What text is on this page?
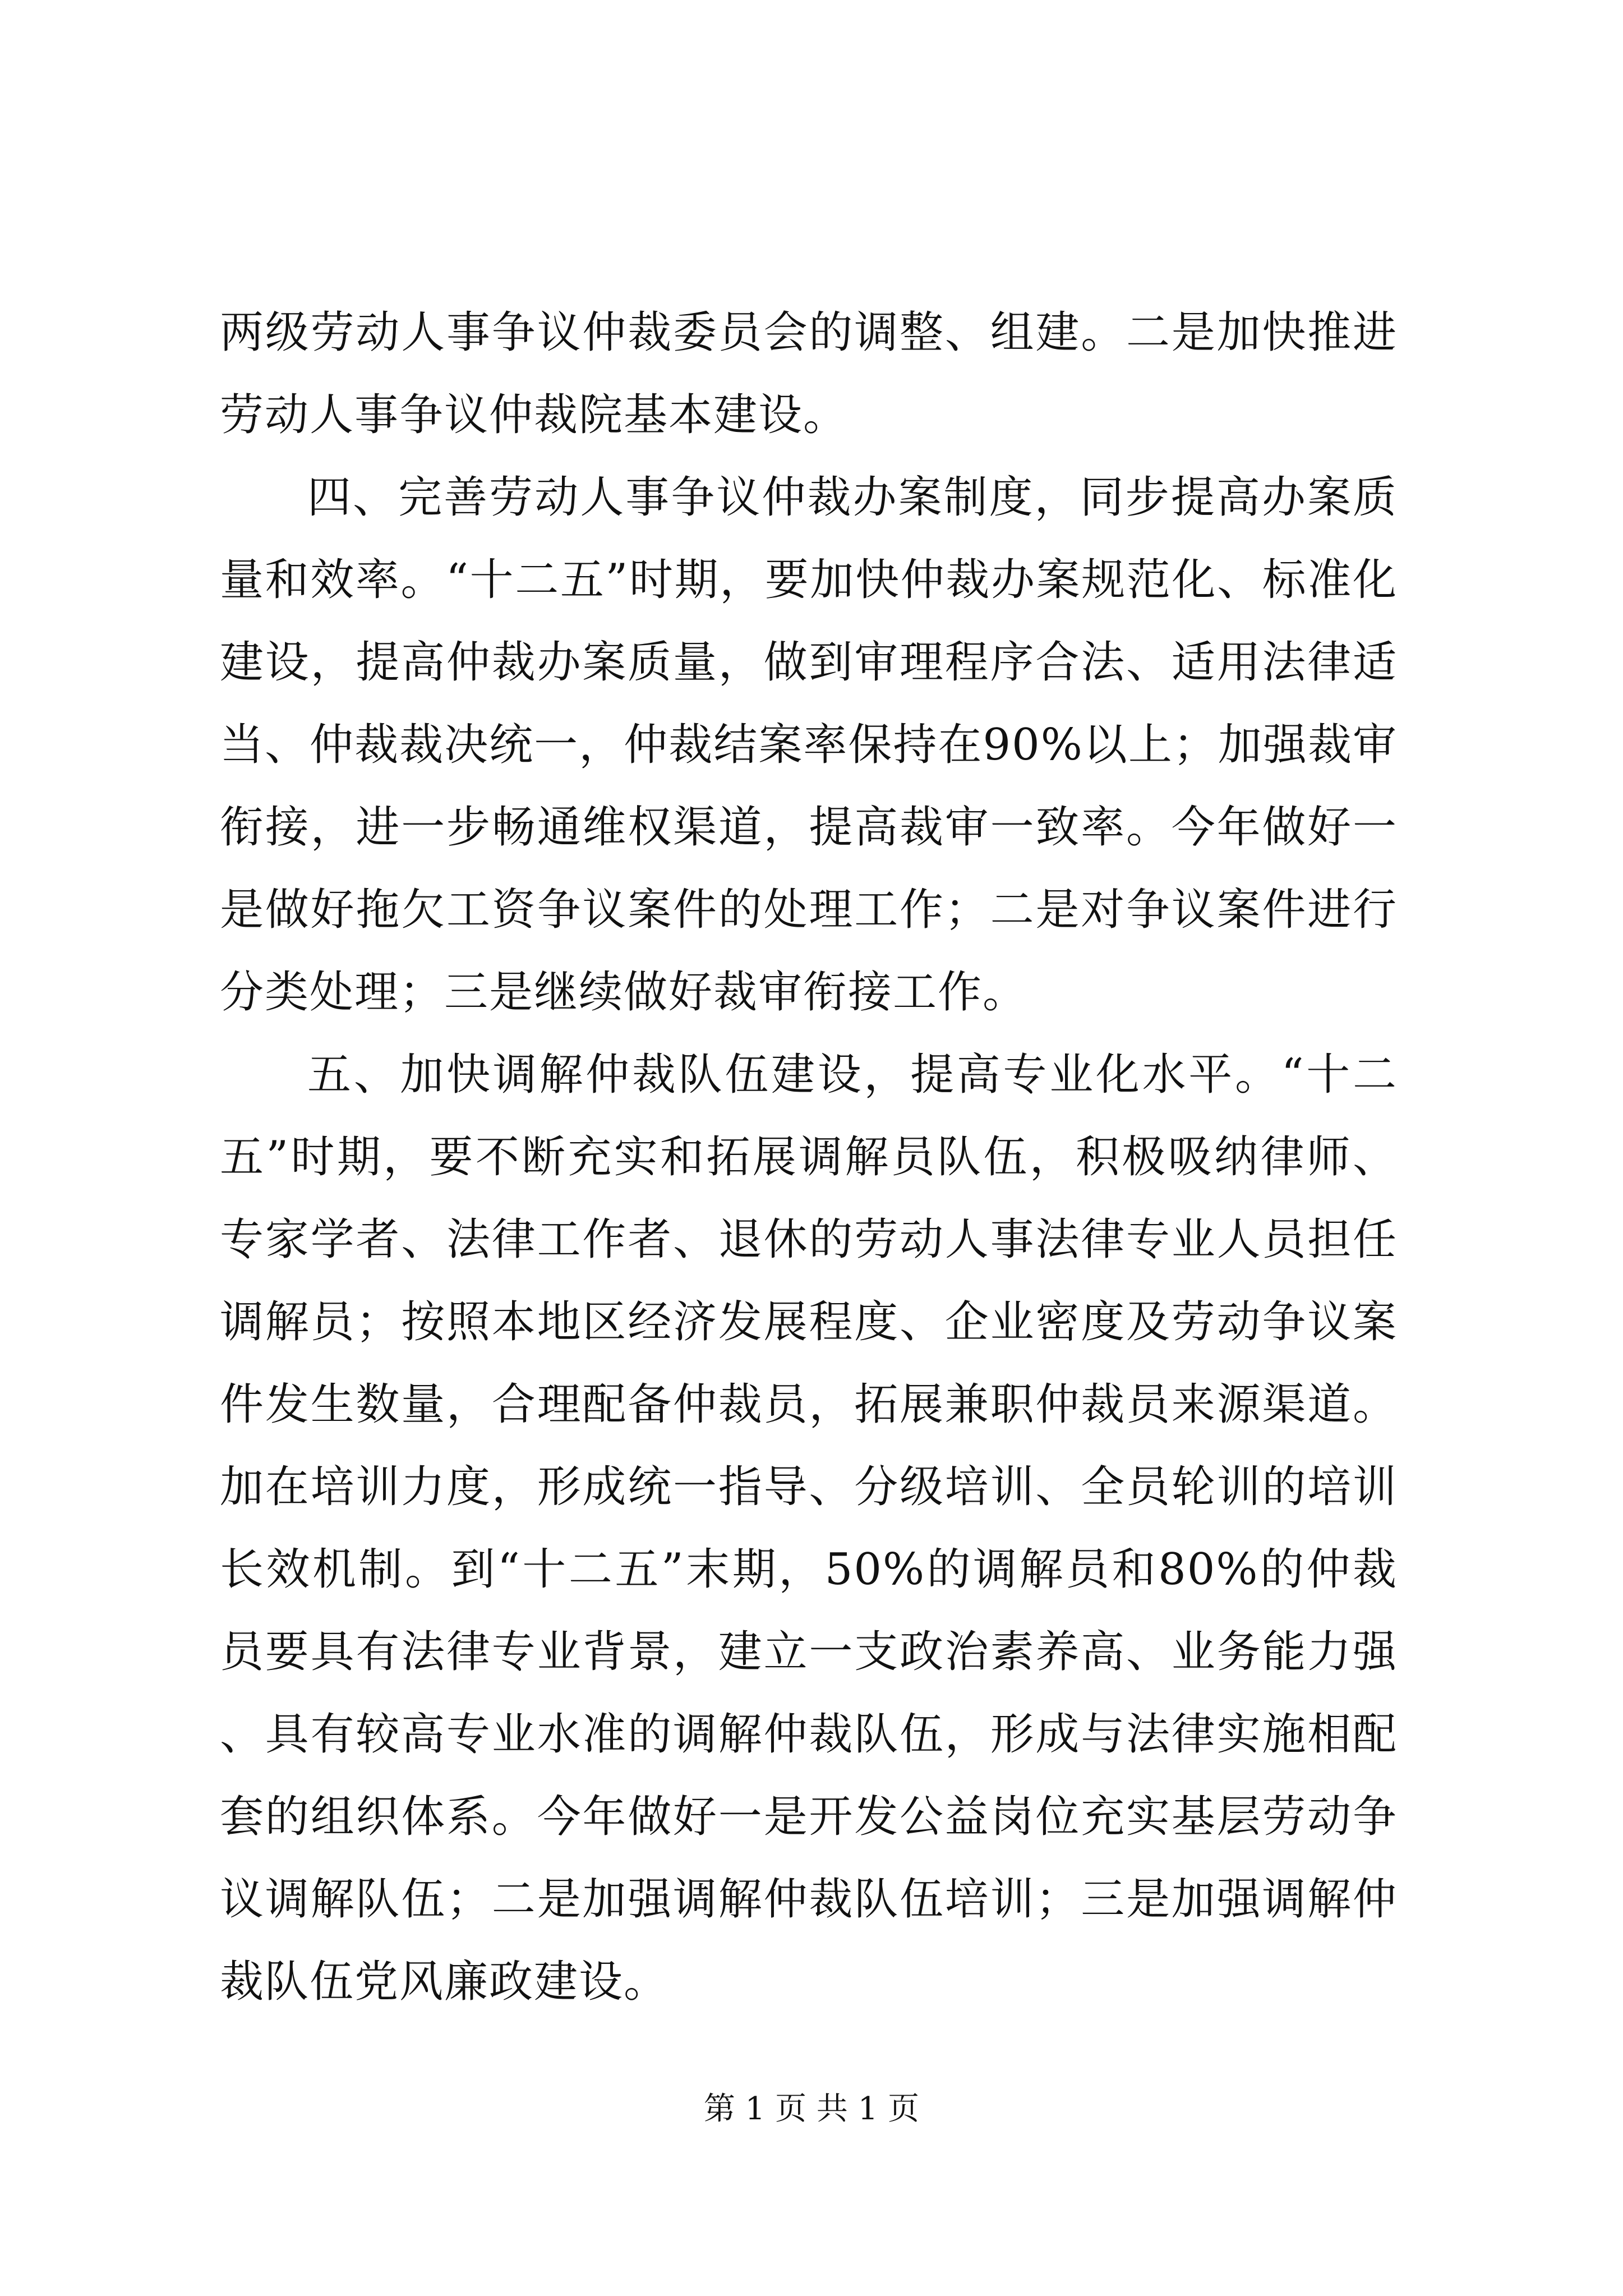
两级劳动人事争议仲裁委员会的调整、组建。二是加快推进劳动人事争议仲裁院基本建设。

四、完善劳动人事争议仲裁办案制度，同步提高办案质量和效率。“十二五”时期，要加快仲裁办案规范化、标准化建设，提高仲裁办案质量，做到审理程序合法、适用法律适当、仲裁裁决统一，仲裁结案率保持在90%以上；加强裁审衔接，进一步畅通维权渠道，提高裁审一致率。今年做好一是做好拖欠工资争议案件的处理工作；二是对争议案件进行分类处理；三是继续做好裁审衔接工作。

五、加快调解仲裁队伍建设，提高专业化水平。“十二五”时期，要不断充实和拓展调解员队伍，积极吸纳律师、专家学者、法律工作者、退休的劳动人事法律专业人员担任调解员；按照本地区经济发展程度、企业密度及劳动争议案件发生数量，合理配备仲裁员，拓展兼职仲裁员来源渠道。加在培训力度，形成统一指导、分级培训、全员轮训的培训长效机制。到“十二五”末期，50%的调解员和80%的仲裁员要具有法律专业背景，建立一支政治素养高、业务能力强、具有较高专业水准的调解仲裁队伍，形成与法律实施相配套的组织体系。今年做好一是开发公益岗位充实基层劳动争议调解队伍；二是加强调解仲裁队伍培训；三是加强调解仲裁队伍党风廉政建设。

第 1 页 共 1 页
